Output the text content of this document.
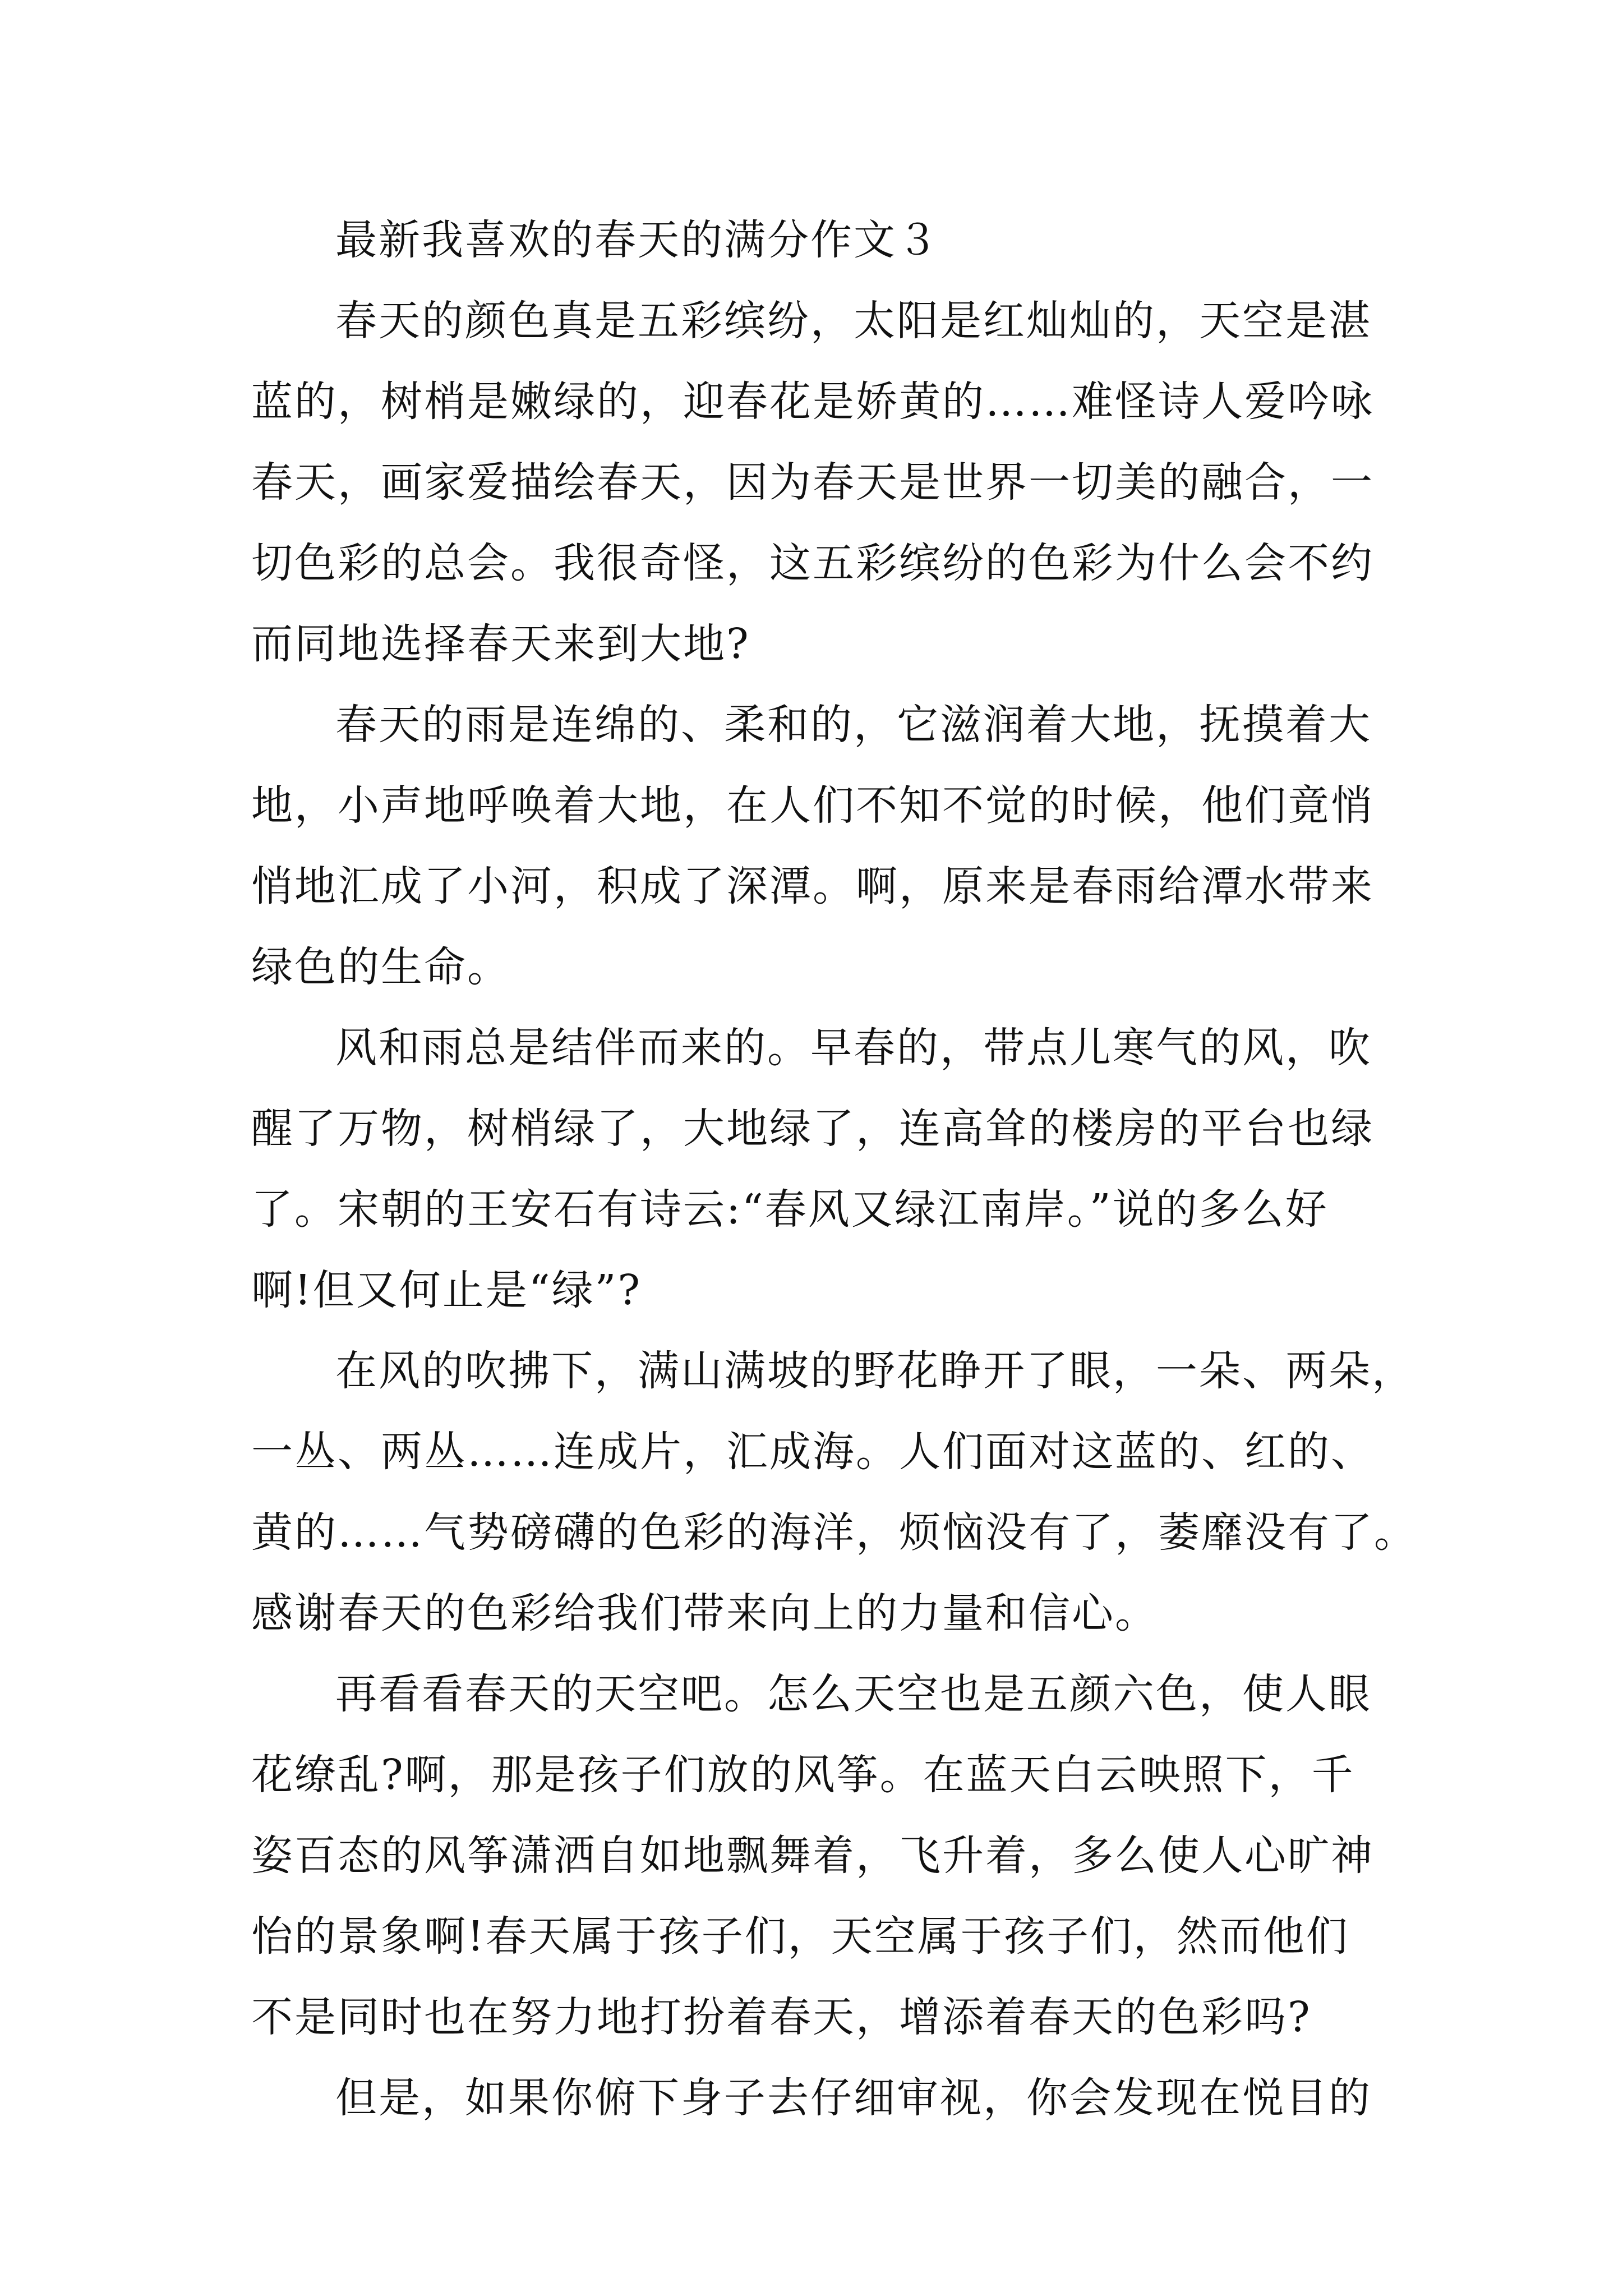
最新我喜欢的春天的满分作文３

春天的颜色真是五彩缤纷，太阳是红灿灿的，天空是湛

蓝的，树梢是嫩绿的，迎春花是娇黄的……难怪诗人爱吟咏

春天，画家爱描绘春天，因为春天是世界一切美的融合，一

切色彩的总会。我很奇怪，这五彩缤纷的色彩为什么会不约

而同地选择春天来到大地?

春天的雨是连绵的、柔和的，它滋润着大地，抚摸着大

地，小声地呼唤着大地，在人们不知不觉的时候，他们竟悄

悄地汇成了小河，积成了深潭。啊，原来是春雨给潭水带来

绿色的生命。

风和雨总是结伴而来的。早春的，带点儿寒气的风，吹

醒了万物，树梢绿了，大地绿了，连高耸的楼房的平台也绿

了。宋朝的王安石有诗云:“春风又绿江南岸。”说的多么好

啊!但又何止是“绿”?

在风的吹拂下，满山满坡的野花睁开了眼，一朵、两朵，

一丛、两丛……连成片，汇成海。人们面对这蓝的、红的、

黄的……气势磅礴的色彩的海洋，烦恼没有了，萎靡没有了。

感谢春天的色彩给我们带来向上的力量和信心。

再看看春天的天空吧。怎么天空也是五颜六色，使人眼

花缭乱?啊，那是孩子们放的风筝。在蓝天白云映照下，千

姿百态的风筝潇洒自如地飘舞着，飞升着，多么使人心旷神

怡的景象啊!春天属于孩子们，天空属于孩子们，然而他们

不是同时也在努力地打扮着春天，增添着春天的色彩吗?

但是，如果你俯下身子去仔细审视，你会发现在悦目的
